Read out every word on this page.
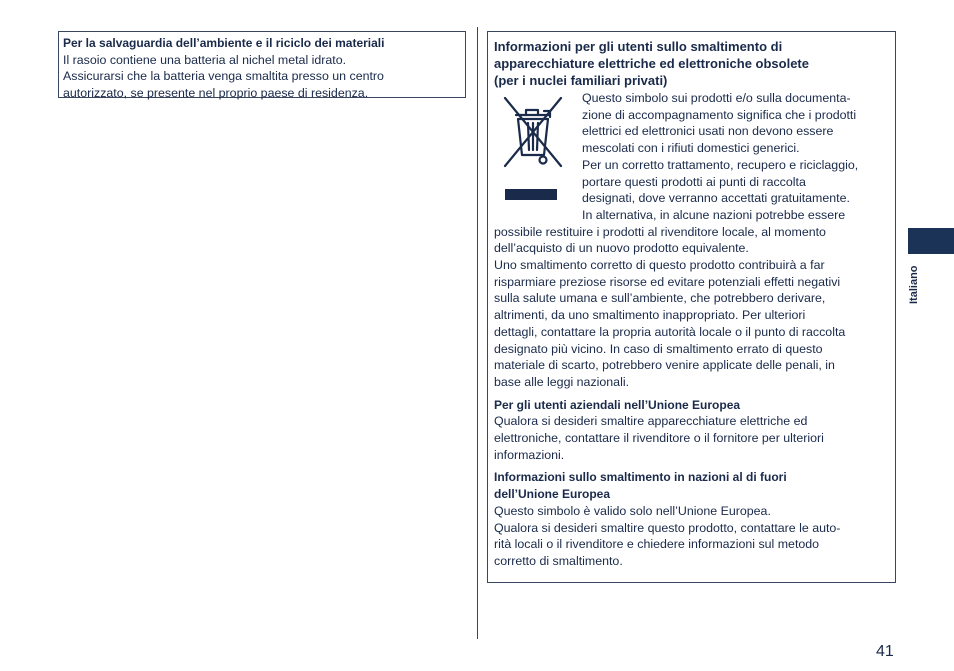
Per la salvaguardia dell’ambiente e il riciclo dei materiali
Il rasoio contiene una batteria al nichel metal idrato.
Assicurarsi che la batteria venga smaltita presso un centro
autorizzato, se presente nel proprio paese di residenza.
Informazioni per gli utenti sullo smaltimento di
apparecchiature elettriche ed elettroniche obsolete
(per i nuclei familiari privati)
Questo simbolo sui prodotti e/o sulla documenta-
zione di accompagnamento significa che i prodotti
elettrici ed elettronici usati non devono essere
mescolati con i rifiuti domestici generici.
Per un corretto trattamento, recupero e riciclaggio,
portare questi prodotti ai punti di raccolta
designati, dove verranno accettati gratuitamente.
In alternativa, in alcune nazioni potrebbe essere
possibile restituire i prodotti al rivenditore locale, al momento
dell’acquisto di un nuovo prodotto equivalente.
Uno smaltimento corretto di questo prodotto contribuirà a far
risparmiare preziose risorse ed evitare potenziali effetti negativi
sulla salute umana e sull’ambiente, che potrebbero derivare,
altrimenti, da uno smaltimento inappropriato. Per ulteriori
dettagli, contattare la propria autorità locale o il punto di raccolta
designato più vicino. In caso di smaltimento errato di questo
materiale di scarto, potrebbero venire applicate delle penali, in
base alle leggi nazionali.
Per gli utenti aziendali nell’Unione Europea
Qualora si desideri smaltire apparecchiature elettriche ed
elettroniche, contattare il rivenditore o il fornitore per ulteriori
informazioni.
Informazioni sullo smaltimento in nazioni al di fuori
dell’Unione Europea
Questo simbolo è valido solo nell’Unione Europea.
Qualora si desideri smaltire questo prodotto, contattare le auto-
rità locali o il rivenditore e chiedere informazioni sul metodo
corretto di smaltimento.
Italiano
41
